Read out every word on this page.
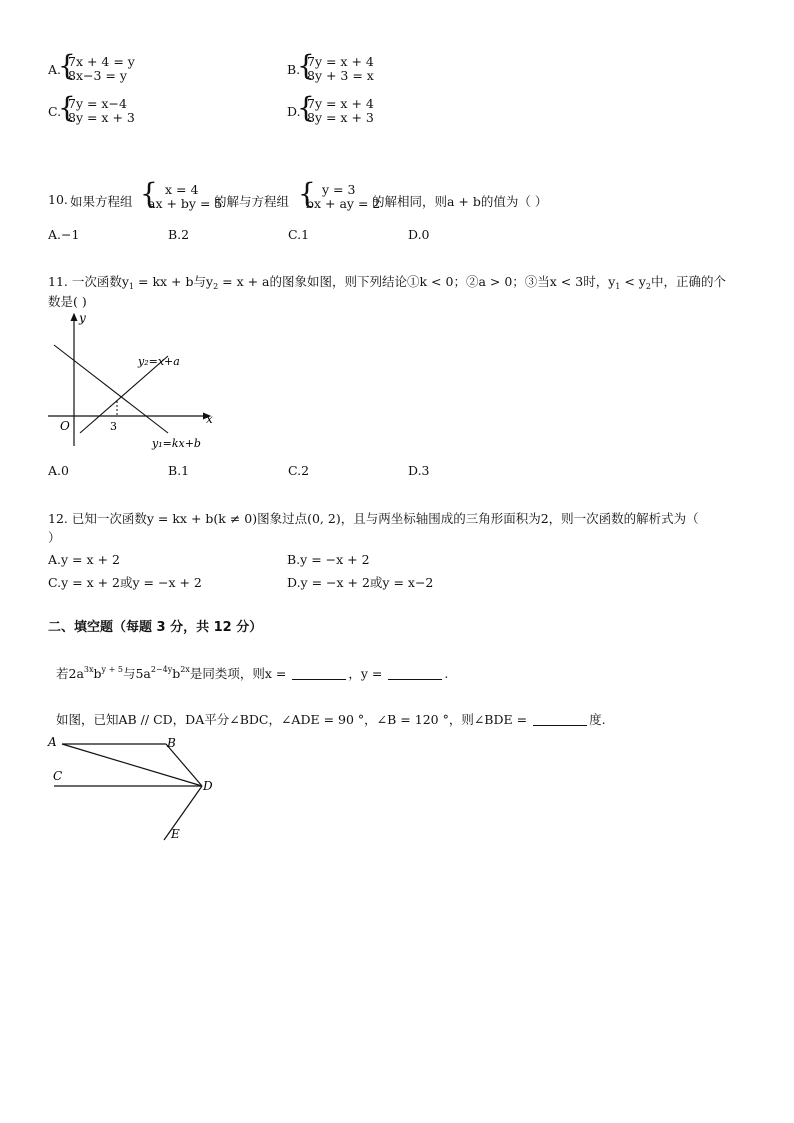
A.
{
7x + 4 = y
8x−3 = y	B.
{
7y = x + 4
8y + 3 = x
C.
{
7y = x−4
8y = x + 3	D.
{
7y = x + 4
8y = x + 3
10. 如果方程组 { x = 4
ax + by = 5
的解与方程组 { y = 3
bx + ay = 2
的解相同，则a + b的值为（ ）
A.−1	B.2	C.1	D.0
11. 一次函数$y_1$ = kx + b与$y_2 = x + a$的图象如图，则下列结论①k < 0；②a > 0；③当x < 3时，$y_1 < y_2$中，正确的个
数是( )
y
x
O	3
y₂=x+a
y₁=kx+b
A.0	B.1	C.2	D.3
12. 已知一次函数y = kx + b(k ≠ 0)图象过点(0, 2)，且与两坐标轴围成的三角形面积为2，则一次函数的解析式为（
）
A.y = x + 2	B.y = −x + 2
C.y = x + 2或y = −x + 2	D.y = −x + 2或y = x−2
二、填空题（每题 3 分，共 12 分）
若$2a^{3x}b^{y + 5}$与$5a^{2-4y}b^{2x}$是同类项，则x =	，y =	.
如图，已知AB // CD，DA平分∠BDC，∠ADE = 90 °，∠B = 120 °，则∠BDE =	度.
A	B
C
D
E
